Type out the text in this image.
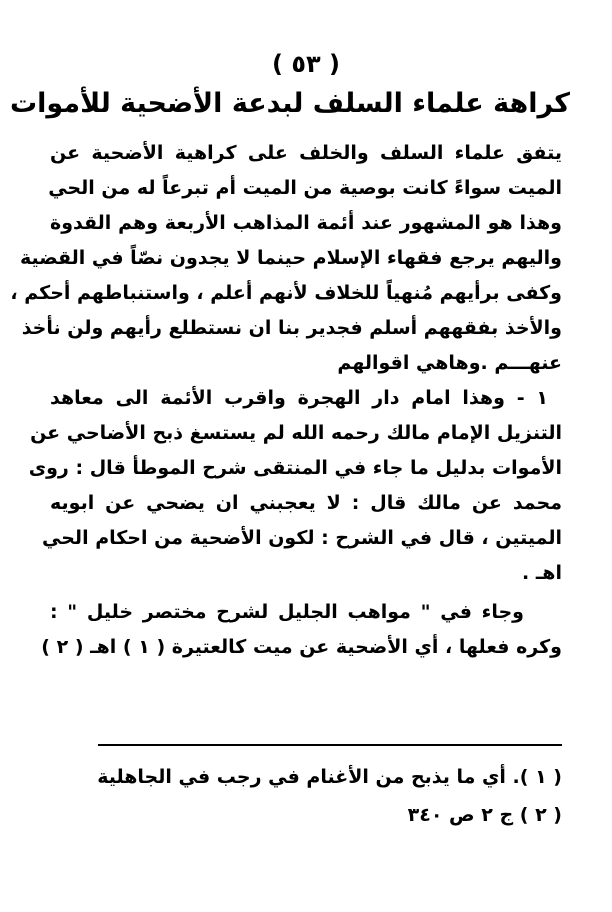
( ٥٣ )
كراهة علماء السلف لبدعة الأضحية للأموات
يتفق علماء السلف والخلف على كراهية الأضحية عن
الميت سواءً كانت بوصية من الميت أم تبرعاً له من الحي
وهذا هو المشهور عند أئمة المذاهب الأربعة وهم القدوة
واليهم يرجع فقهاء الإسلام حينما لا يجدون نصّاً في القضية
وكفى برأيهم مُنهياً للخلاف لأنهم أعلم ، واستنباطهم أحكم ،
والأخذ بفقههم أسلم فجدير بنا ان نستطلع رأيهم ولن نأخذ
عنهـــم .وهاهي اقوالهم
١ - وهذا امام دار الهجرة واقرب الأئمة الى معاهد
التنزيل الإمام مالك رحمه الله لم يستسغ ذبح الأضاحي عن
الأموات بدليل ما جاء في المنتقى شرح الموطأ قال : روى
محمد عن مالك قال : لا يعجبني ان يضحي عن ابويه
الميتين ، قال في الشرح : لكون الأضحية من احكام الحي
اهـ .
وجاء في " مواهب الجليل لشرح مختصر خليل " :
وكره فعلها ، أي الأضحية عن ميت كالعتيرة ( ١ ) اهـ ( ٢ )
( ١ ). أي ما يذبح من الأغنام في رجب في الجاهلية
( ٢ ) ج ٢ ص ٣٤٠
